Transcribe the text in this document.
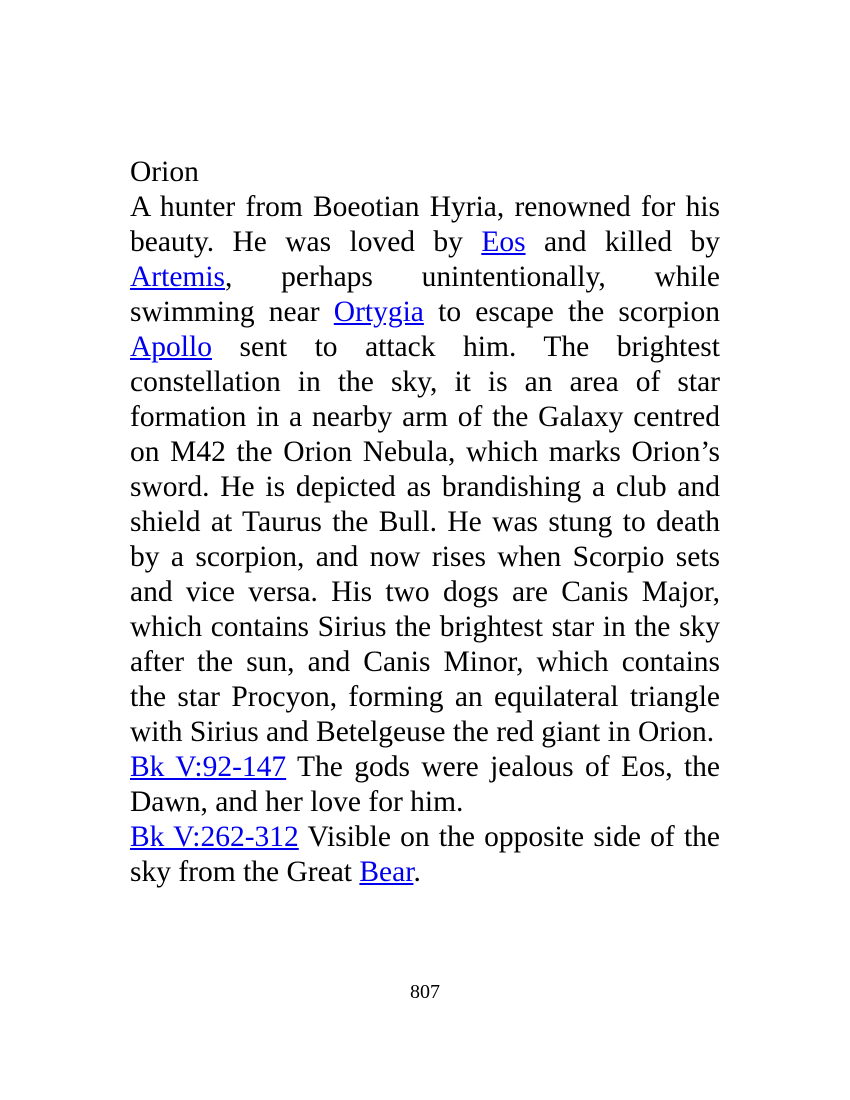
Orion

A hunter from Boeotian Hyria, renowned for his beauty. He was loved by Eos and killed by Artemis, perhaps unintentionally, while swimming near Ortygia to escape the scorpion Apollo sent to attack him. The brightest constellation in the sky, it is an area of star formation in a nearby arm of the Galaxy centred on M42 the Orion Nebula, which marks Orion’s sword. He is depicted as brandishing a club and shield at Taurus the Bull. He was stung to death by a scorpion, and now rises when Scorpio sets and vice versa. His two dogs are Canis Major, which contains Sirius the brightest star in the sky after the sun, and Canis Minor, which contains the star Procyon, forming an equilateral triangle with Sirius and Betelgeuse the red giant in Orion.

Bk V:92-147 The gods were jealous of Eos, the Dawn, and her love for him.

Bk V:262-312 Visible on the opposite side of the sky from the Great Bear.

807
